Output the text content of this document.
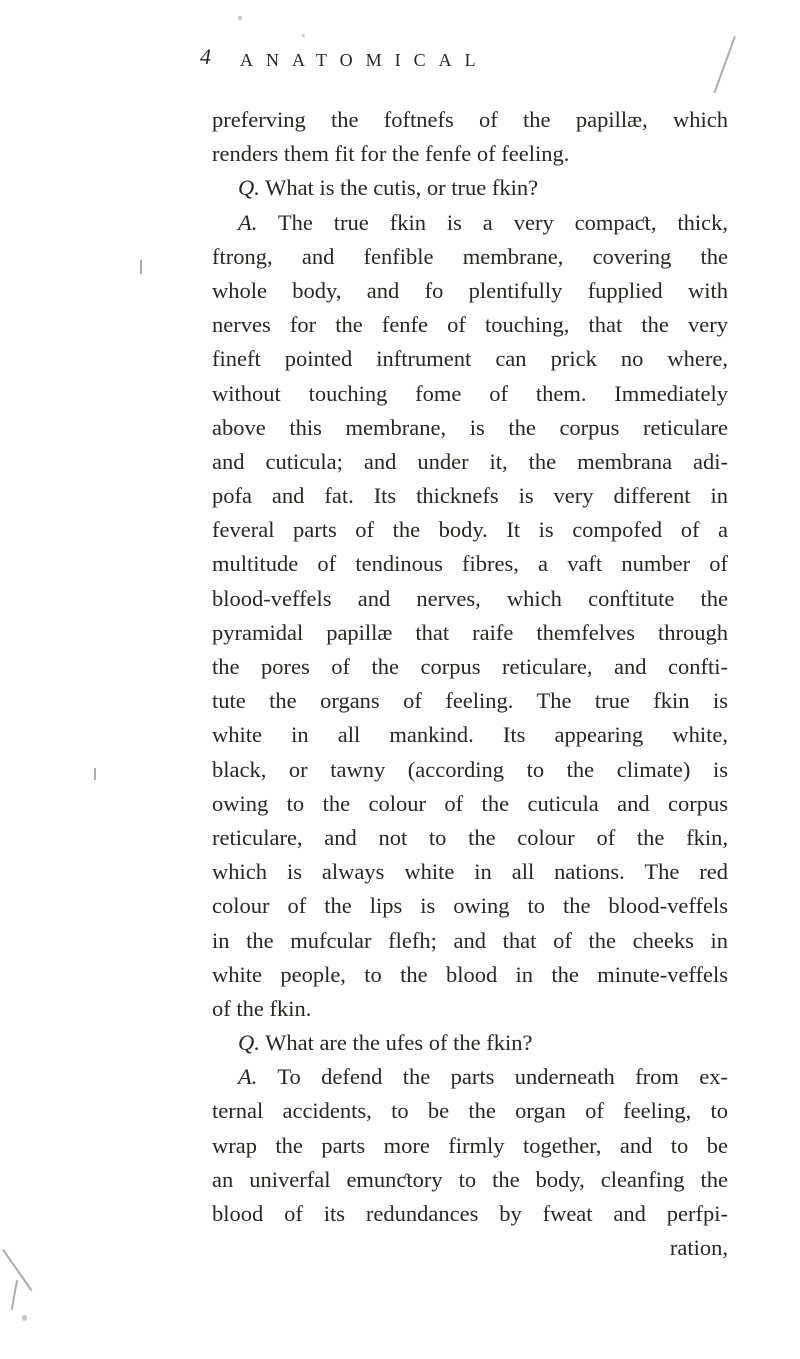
4 ANATOMICAL
preferving the foftnefs of the papillæ, which
renders them fit for the fenfe of feeling.
Q. What is the cutis, or true fkin?
A. The true fkin is a very compaƈt, thick,
ftrong, and fenfible membrane, covering the
whole body, and fo plentifully fupplied with
nerves for the fenfe of touching, that the very
fineft pointed inftrument can prick no where,
without touching fome of them. Immediately
above this membrane, is the corpus reticulare
and cuticula; and under it, the membrana adi-
pofa and fat. Its thicknefs is very different in
feveral parts of the body. It is compofed of a
multitude of tendinous fibres, a vaft number of
blood-veffels and nerves, which conftitute the
pyramidal papillæ that raife themfelves through
the pores of the corpus reticulare, and confti-
tute the organs of feeling. The true fkin is
white in all mankind. Its appearing white,
black, or tawny (according to the climate) is
owing to the colour of the cuticula and corpus
reticulare, and not to the colour of the fkin,
which is always white in all nations. The red
colour of the lips is owing to the blood-veffels
in the mufcular flefh; and that of the cheeks in
white people, to the blood in the minute-veffels
of the fkin.
Q. What are the ufes of the fkin?
A. To defend the parts underneath from ex-
ternal accidents, to be the organ of feeling, to
wrap the parts more firmly together, and to be
an univerfal emunƈtory to the body, cleanfing the
blood of its redundances by fweat and perfpi-
ration,
